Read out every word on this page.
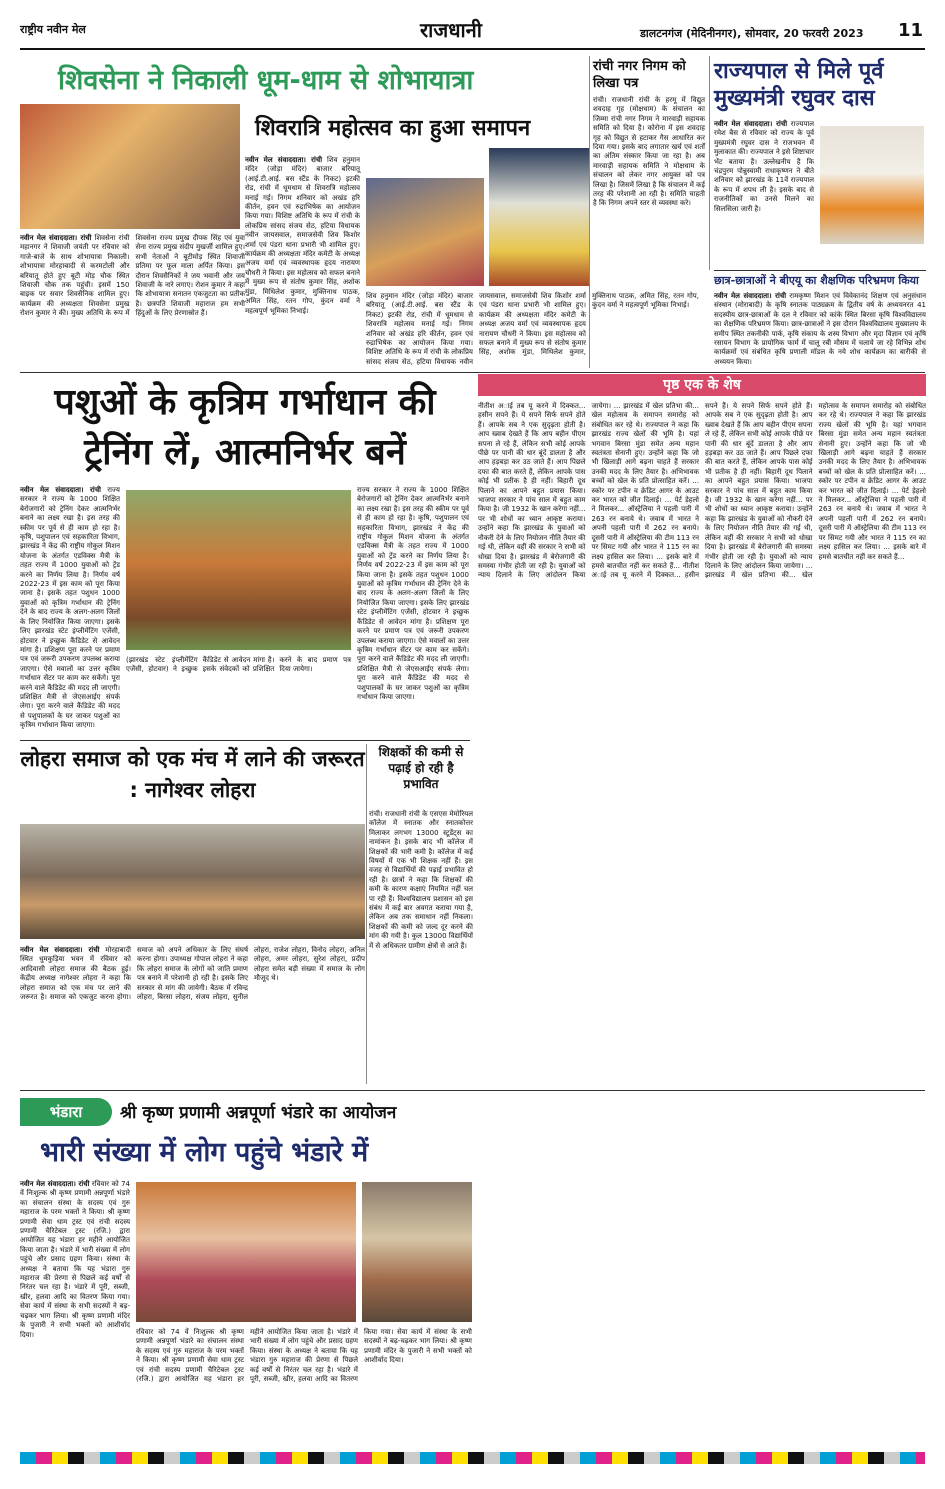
राष्ट्रीय नवीन मेल	राजधानी	डालटनगंज (मेदिनीनगर), सोमवार, 20 फरवरी 2023 11
शिवसेना ने निकाली धूम-धाम से शोभायात्रा
नवीन मेल संवाददाता। रांची शिवसेना रांची महानगर ने शिवाजी जयंती पर रविवार को गाजे-बाजे के साथ शोभायात्रा निकाली। शोभायात्रा मोरहाबादी से करमटोली और बरियातू होते हुए बूटी मोड़ चौक स्थित शिवाजी चौक तक पहुंची। इसमें 150 बाइक पर सवार शिवसैनिक शामिल हुए। कार्यक्रम की अध्यक्षता शिवसेना प्रमुख रोशन कुमार ने की। मुख्य अतिथि के रूप में शिवसेना राज्य प्रमुख दीपक सिंह एवं युवा सेना राज्य प्रमुख संदीप मुखर्जी शामिल हुए। सभी नेताओं ने बूटीमोड़ स्थित शिवाजी प्रतिमा पर फूल माला अर्पित किया। इस दौरान शिवसैनिकों ने जय भवानी और जय शिवाजी के नारे लगाए। रोशन कुमार ने कहा कि शोभायात्रा सनातन एकजुटता का प्रतीक है। छत्रपति शिवाजी महाराज हम सभी हिंदुओं के लिए प्रेरणास्रोत हैं।
शिवरात्रि महोत्सव का हुआ समापन
नवीन मेल संवाददाता। रांची शिव हनुमान मंदिर (जोड़ा मंदिर) बाजार बरियातू (आई.टी.आई. बस स्टैंड के निकट) इटकी रोड, रांची में धूमधाम से शिवरात्रि महोत्सव मनाई गई। निगम शनिवार को अखंड हरि कीर्तन, हवन एवं रुद्राभिषेक का आयोजन किया गया। विशिष्ट अतिथि के रूप में रांची के लोकप्रिय सांसद संजय सेठ, हटिया विधायक नवीन जायसवाल, समाजसेवी शिव किशोर शर्मा एवं पंडरा थाना प्रभारी भी शामिल हुए। कार्यक्रम की अध्यक्षता मंदिर कमेटी के अध्यक्ष अजय वर्मा एवं व्यवस्थापक हृदय नारायण चौधरी ने किया। इस महोत्सव को सफल बनाने में मुख्य रूप से संतोष कुमार सिंह, अशोक मुंडा, मिथिलेश कुमार, मुक्तिनाथ पाठक, अमित सिंह, रतन गोप, कुंदन वर्मा ने महत्वपूर्ण भूमिका निभाई।
शिव हनुमान मंदिर (जोड़ा मंदिर) बाजार बरियातू (आई.टी.आई. बस स्टैंड के निकट) इटकी रोड, रांची में धूमधाम से शिवरात्रि महोत्सव मनाई गई। निगम शनिवार को अखंड हरि कीर्तन, हवन एवं रुद्राभिषेक का आयोजन किया गया। विशिष्ट अतिथि के रूप में रांची के लोकप्रिय सांसद संजय सेठ, हटिया विधायक नवीन जायसवाल, समाजसेवी शिव किशोर शर्मा एवं पंडरा थाना प्रभारी भी शामिल हुए। कार्यक्रम की अध्यक्षता मंदिर कमेटी के अध्यक्ष अजय वर्मा एवं व्यवस्थापक हृदय नारायण चौधरी ने किया। इस महोत्सव को सफल बनाने में मुख्य रूप से संतोष कुमार सिंह, अशोक मुंडा, मिथिलेश कुमार, मुक्तिनाथ पाठक, अमित सिंह, रतन गोप, कुंदन वर्मा ने महत्वपूर्ण भूमिका निभाई।
रांची नगर निगम को लिखा पत्र
रांची। राजधानी रांची के हरमू में विद्युत शवदाह गृह (मोक्षधाम) के संचालन का जिम्मा रांची नगर निगम ने मारवाड़ी सहायक समिति को दिया है। कोरोना में इस शवदाह गृह को विद्युत से हटाकर गैस आधारित कर दिया गया। इसके बाद लगातार खर्च एवं शर्तों का अंतिम संस्कार किया जा रहा है। अब मारवाड़ी सहायक समिति ने मोक्षधाम के संचालन को लेकर नगर आयुक्त को पत्र लिखा है। जिसमें लिखा है कि संचालन में कई तरह की परेशानी आ रही है। समिति चाहती है कि निगम अपने स्तर से व्यवस्था करे।
राज्यपाल से मिले पूर्व मुख्यमंत्री रघुवर दास
नवीन मेल संवाददाता। रांची राज्यपाल रमेश बैस से रविवार को राज्य के पूर्व मुख्यमंत्री रघुवर दास ने राजभवन में मुलाकात की। राज्यपाल ने इसे शिष्टाचार भेंट बताया है। उल्लेखनीय है कि चंद्रपुरम पोन्नुस्वामी राधाकृष्णन ने बीते शनिवार को झारखंड के 11वें राज्यपाल के रूप में शपथ ली है। इसके बाद से राजनीतिकों का उनसे मिलने का सिलसिला जारी है।
छात्र-छात्राओं ने बीएयू का शैक्षणिक परिभ्रमण किया
नवीन मेल संवाददाता। रांची रामकृष्ण मिशन एवं विवेकानंद शिक्षण एवं अनुसंधान संस्थान (मोराबादी) के कृषि स्नातक पाठ्यक्रम के द्वितीय वर्ष के अध्ययनरत 41 सदस्यीय छात्र-छात्राओं के दल ने रविवार को कांके स्थित बिरसा कृषि विश्वविद्यालय का शैक्षणिक परिभ्रमण किया। छात्र-छात्राओं ने इस दौरान विश्वविद्यालय मुख्यालय के समीप स्थित तकनीकी पार्क, कृषि संकाय के शस्य विभाग और मृदा विज्ञान एवं कृषि रसायन विभाग के प्रायोगिक फार्म में चालू रबी मौसम में चलाये जा रहे विभिन्न शोध कार्यक्रमों एवं संबंधित कृषि प्रणाली मॉडल के नये शोध कार्यक्रम का बारीकी से अध्ययन किया।
पशुओं के कृत्रिम गर्भाधान की ट्रेनिंग लें, आत्मनिर्भर बनें
नवीन मेल संवाददाता। रांची राज्य सरकार ने राज्य के 1000 शिक्षित बेरोजगारों को ट्रेनिंग देकर आत्मनिर्भर बनाने का लक्ष्य रखा है। इस तरह की स्कीम पर पूर्व से ही काम हो रहा है। कृषि, पशुपालन एवं सहकारिता विभाग, झारखंड ने केंद्र की राष्ट्रीय गोकुल मिशन योजना के अंतर्गत एडविक्स मैत्री के तहत राज्य में 1000 युवाओं को ट्रेंड करने का निर्णय लिया है। निर्णय वर्ष 2022-23 में इस काम को पूरा किया जाना है। इसके तहत पशुधन 1000 युवाओं को कृत्रिम गर्भाधान की ट्रेनिंग देने के बाद राज्य के अलग-अलग जिलों के लिए नियोजित किया जाएगा। इसके लिए झारखंड स्टेट इंप्लीमेंटिंग एजेंसी, होटवार ने इच्छुक कैंडिडेट से आवेदन मांगा है। प्रशिक्षण पूरा करने पर प्रमाण पत्र एवं जरूरी उपकरण उपलब्ध कराया जाएगा। ऐसे मवालों का उत्तर कृत्रिम गर्भाधान सेंटर पर काम कर सकेंगे। पूरा करने वाले कैंडिडेट की मदद ली जाएगी। प्रशिक्षित मैत्री से जेएसआईए संपर्क लेगा। पूरा करने वाले कैंडिडेट की मदद से पशुपालकों के घर जाकर पशुओं का कृत्रिम गर्भाधान किया जाएगा।
(झारखंड स्टेट इंप्लीमेंटिंग एजेंसी, होटवार) ने इच्छुक कैंडिडेट से आवेदन मांगा है। इसके संवेदकों को प्रशिक्षित करने के बाद प्रमाण पत्र दिया जायेगा।
राज्य सरकार ने राज्य के 1000 शिक्षित बेरोजगारों को ट्रेनिंग देकर आत्मनिर्भर बनाने का लक्ष्य रखा है। इस तरह की स्कीम पर पूर्व से ही काम हो रहा है। कृषि, पशुपालन एवं सहकारिता विभाग, झारखंड ने केंद्र की राष्ट्रीय गोकुल मिशन योजना के अंतर्गत एडविक्स मैत्री के तहत राज्य में 1000 युवाओं को ट्रेंड करने का निर्णय लिया है। निर्णय वर्ष 2022-23 में इस काम को पूरा किया जाना है। इसके तहत पशुधन 1000 युवाओं को कृत्रिम गर्भाधान की ट्रेनिंग देने के बाद राज्य के अलग-अलग जिलों के लिए नियोजित किया जाएगा। इसके लिए झारखंड स्टेट इंप्लीमेंटिंग एजेंसी, होटवार ने इच्छुक कैंडिडेट से आवेदन मांगा है। प्रशिक्षण पूरा करने पर प्रमाण पत्र एवं जरूरी उपकरण उपलब्ध कराया जाएगा। ऐसे मवालों का उत्तर कृत्रिम गर्भाधान सेंटर पर काम कर सकेंगे। पूरा करने वाले कैंडिडेट की मदद ली जाएगी। प्रशिक्षित मैत्री से जेएसआईए संपर्क लेगा। पूरा करने वाले कैंडिडेट की मदद से पशुपालकों के घर जाकर पशुओं का कृत्रिम गर्भाधान किया जाएगा।
पृष्ठ एक के शेष
नीतीश अाई तब यू करने में दिक्कत... हसीन सपने हैं। ये सपने सिर्फ सपने होते हैं। आपके सब ने एक सुदृढ़ता होती है। आप ख्वाब देखते हैं कि आप बहीन पीएम सपना ले रहे हैं, लेकिन सभी कोई आपके पीछे पर पानी की धार बूंदें डालता है और आप हड़बड़ा कर उठ जाते हैं। आप पिछले दफा की बात करते हैं, लेकिन आपके पास कोई भी प्रतीक है ही नहीं। बिहारी दूध पिलाने का आपने बहुत प्रयास किया। भाजपा सरकार ने पांच साल में बहुत काम किया है। जी 1932 के खान करेगा नहीं... पर भी शोधों का ध्यान आकृष्ट कराया। उन्होंने कहा कि झारखंड के युवाओं को नौकरी देने के लिए नियोजन नीति तैयार की गई थी, लेकिन वहीं की सरकार ने सभी को धोखा दिया है। झारखंड में बेरोजगारी की समस्या गंभीर होती जा रही है। युवाओं को न्याय दिलाने के लिए आंदोलन किया जायेगा। ... झारखंड में खेल प्रतिभा की... खेल महोत्सव के समापन समारोह को संबोधित कर रहे थे। राज्यपाल ने कहा कि झारखंड राज्य खेलों की भूमि है। यहां भगवान बिरसा मुंडा समेत अन्य महान स्वतंत्रता सेनानी हुए। उन्होंने कहा कि जो भी खिलाड़ी आगे बढ़ना चाहते हैं सरकार उनकी मदद के लिए तैयार है। अभिभावक बच्चों को खेल के प्रति प्रोत्साहित करें। ... स्कोर पर टपीन व क्रेडिट आगर के आउट कर भारत को जीत दिलाई। ... पेर्ट ड़ेहलो ने मिलकर... ऑस्ट्रेलिया ने पहली पारी में 263 रन बनाये थे। जवाब में भारत ने अपनी पहली पारी में 262 रन बनाये। दूसरी पारी में ऑस्ट्रेलिया की टीम 113 रन पर सिमट गयी और भारत ने 115 रन का लक्ष्य हासिल कर लिया। ... इसके बारे में हमसे बातचीत नहीं कर सकते हैं... नीतीश अाई तब यू करने में दिक्कत... हसीन सपने हैं। ये सपने सिर्फ सपने होते हैं। आपके सब ने एक सुदृढ़ता होती है। आप ख्वाब देखते हैं कि आप बहीन पीएम सपना ले रहे हैं, लेकिन सभी कोई आपके पीछे पर पानी की धार बूंदें डालता है और आप हड़बड़ा कर उठ जाते हैं। आप पिछले दफा की बात करते हैं, लेकिन आपके पास कोई भी प्रतीक है ही नहीं। बिहारी दूध पिलाने का आपने बहुत प्रयास किया। भाजपा सरकार ने पांच साल में बहुत काम किया है। जी 1932 के खान करेगा नहीं... पर भी शोधों का ध्यान आकृष्ट कराया। उन्होंने कहा कि झारखंड के युवाओं को नौकरी देने के लिए नियोजन नीति तैयार की गई थी, लेकिन वहीं की सरकार ने सभी को धोखा दिया है। झारखंड में बेरोजगारी की समस्या गंभीर होती जा रही है। युवाओं को न्याय दिलाने के लिए आंदोलन किया जायेगा। ... झारखंड में खेल प्रतिभा की... खेल महोत्सव के समापन समारोह को संबोधित कर रहे थे। राज्यपाल ने कहा कि झारखंड राज्य खेलों की भूमि है। यहां भगवान बिरसा मुंडा समेत अन्य महान स्वतंत्रता सेनानी हुए। उन्होंने कहा कि जो भी खिलाड़ी आगे बढ़ना चाहते हैं सरकार उनकी मदद के लिए तैयार है। अभिभावक बच्चों को खेल के प्रति प्रोत्साहित करें। ... स्कोर पर टपीन व क्रेडिट आगर के आउट कर भारत को जीत दिलाई। ... पेर्ट ड़ेहलो ने मिलकर... ऑस्ट्रेलिया ने पहली पारी में 263 रन बनाये थे। जवाब में भारत ने अपनी पहली पारी में 262 रन बनाये। दूसरी पारी में ऑस्ट्रेलिया की टीम 113 रन पर सिमट गयी और भारत ने 115 रन का लक्ष्य हासिल कर लिया। ... इसके बारे में हमसे बातचीत नहीं कर सकते हैं...
लोहरा समाज को एक मंच में लाने की जरूरत : नागेश्वर लोहरा
नवीन मेल संवाददाता। रांची मोरहाबादी स्थित धुमकुड़िया भवन में रविवार को आदिवासी लोहरा समाज की बैठक हुई। केंद्रीय अध्यक्ष नागेश्वर लोहरा ने कहा कि लोहरा समाज को एक मंच पर लाने की जरूरत है। समाज को एकजुट करना होगा। समाज को अपने अधिकार के लिए संघर्ष करना होगा। उपाध्यक्ष गोपाल लोहरा ने कहा कि लोहरा समाज के लोगों को जाति प्रमाण पत्र बनाने में परेशानी हो रही है। इसके लिए सरकार से मांग की जायेगी। बैठक में रविन्द्र लोहरा, बिरसा लोहरा, संजय लोहरा, सुनील लोहरा, राजेश लोहरा, विनोद लोहरा, अनिल लोहरा, अमर लोहरा, सुरेश लोहरा, प्रदीप लोहरा समेत बड़ी संख्या में समाज के लोग मौजूद थे।
शिक्षकों की कमी से पढ़ाई हो रही है प्रभावित
रांची। राजधानी रांची के एसएस मेमोरियल कॉलेज में स्नातक और स्नातकोत्तर मिलाकर लगभग 13000 स्टूडेंट्स का नामांकन है। इसके बाद भी कॉलेज में शिक्षकों की भारी कमी है। कॉलेज में कई विषयों में एक भी शिक्षक नहीं हैं। इस वजह से विद्यार्थियों की पढ़ाई प्रभावित हो रही है। छात्रों ने कहा कि शिक्षकों की कमी के कारण कक्षाएं नियमित नहीं चल पा रही हैं। विश्वविद्यालय प्रशासन को इस संबंध में कई बार अवगत कराया गया है, लेकिन अब तक समाधान नहीं निकला। शिक्षकों की कमी को जल्द दूर करने की मांग की गयी है। कुल 13000 विद्यार्थियों में से अधिकतर ग्रामीण क्षेत्रों से आते हैं।
भंडारा	श्री कृष्ण प्रणामी अन्नपूर्णा भंडारे का आयोजन
भारी संख्या में लोग पहुंचे भंडारे में
नवीन मेल संवाददाता। रांची रविवार को 74 वें निःशुल्क श्री कृष्ण प्रणामी अन्नपूर्णा भंडारे का संचालन संस्था के सदस्य एवं गुरु महाराज के परम भक्तों ने किया। श्री कृष्ण प्रणामी सेवा धाम ट्रस्ट एवं रांची सदस्य प्रणामी चैरिटेबल ट्रस्ट (रजि.) द्वारा आयोजित यह भंडारा हर महीने आयोजित किया जाता है। भंडारे में भारी संख्या में लोग पहुंचे और प्रसाद ग्रहण किया। संस्था के अध्यक्ष ने बताया कि यह भंडारा गुरु महाराज की प्रेरणा से पिछले कई वर्षों से निरंतर चल रहा है। भंडारे में पूरी, सब्जी, खीर, हलवा आदि का वितरण किया गया। सेवा कार्य में संस्था के सभी सदस्यों ने बढ़-चढ़कर भाग लिया। श्री कृष्ण प्रणामी मंदिर के पुजारी ने सभी भक्तों को आशीर्वाद दिया।	रविवार को 74 वें निःशुल्क श्री कृष्ण प्रणामी अन्नपूर्णा भंडारे का संचालन संस्था के सदस्य एवं गुरु महाराज के परम भक्तों ने किया। श्री कृष्ण प्रणामी सेवा धाम ट्रस्ट एवं रांची सदस्य प्रणामी चैरिटेबल ट्रस्ट (रजि.) द्वारा आयोजित यह भंडारा हर महीने आयोजित किया जाता है। भंडारे में भारी संख्या में लोग पहुंचे और प्रसाद ग्रहण किया। संस्था के अध्यक्ष ने बताया कि यह भंडारा गुरु महाराज की प्रेरणा से पिछले कई वर्षों से निरंतर चल रहा है। भंडारे में पूरी, सब्जी, खीर, हलवा आदि का वितरण किया गया। सेवा कार्य में संस्था के सभी सदस्यों ने बढ़-चढ़कर भाग लिया। श्री कृष्ण प्रणामी मंदिर के पुजारी ने सभी भक्तों को आशीर्वाद दिया।
